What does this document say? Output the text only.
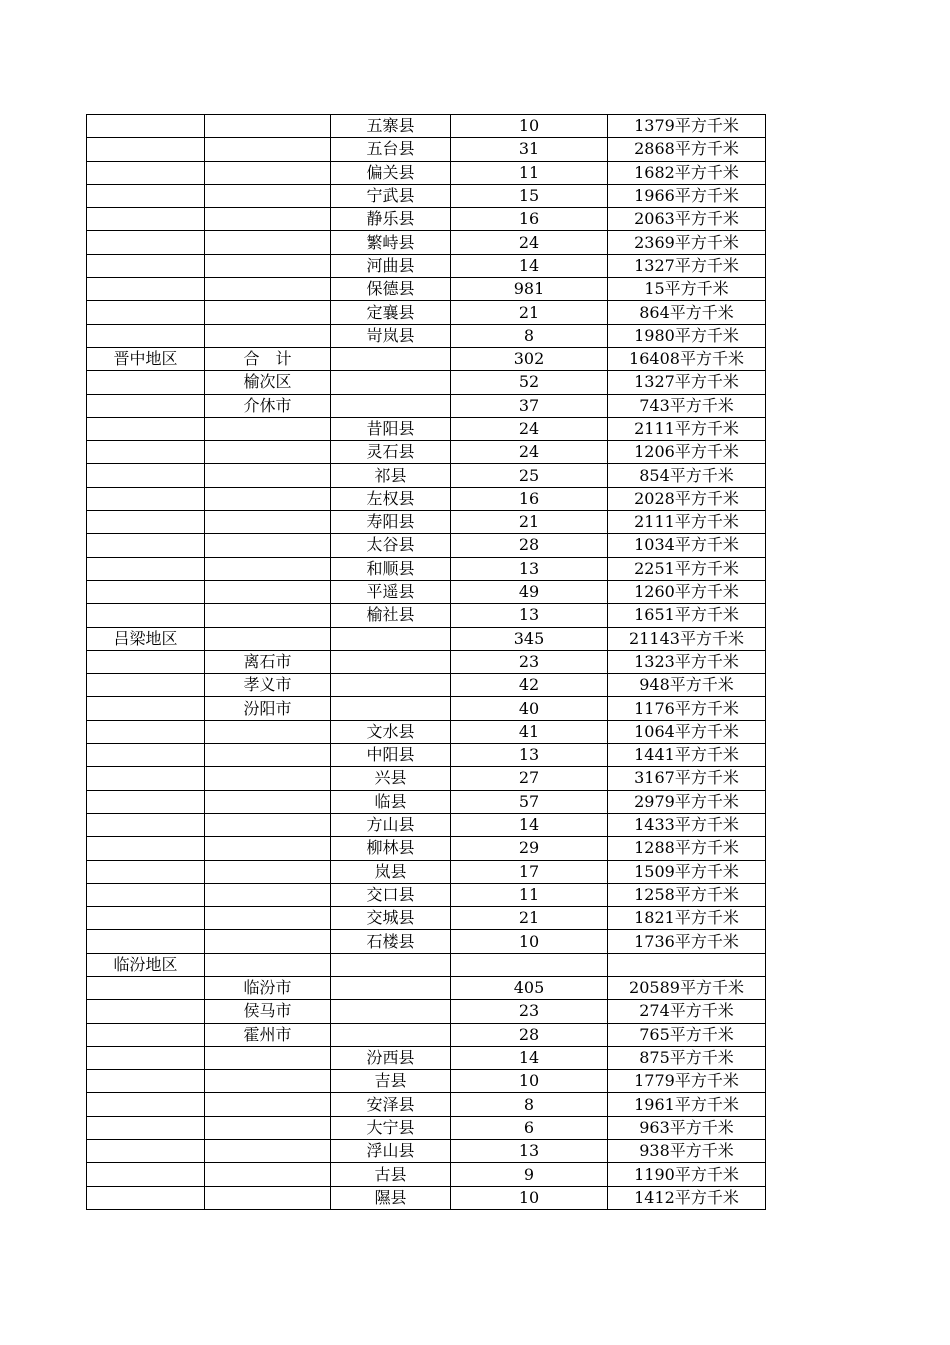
		五寨县	10	1379平方千米
		五台县	31	2868平方千米
		偏关县	11	1682平方千米
		宁武县	15	1966平方千米
		静乐县	16	2063平方千米
		繁峙县	24	2369平方千米
		河曲县	14	1327平方千米
		保德县	981	15平方千米
		定襄县	21	864平方千米
		岢岚县	8	1980平方千米
晋中地区	合　计		302	16408平方千米
	榆次区		52	1327平方千米
	介休市		37	743平方千米
		昔阳县	24	2111平方千米
		灵石县	24	1206平方千米
		祁县	25	854平方千米
		左权县	16	2028平方千米
		寿阳县	21	2111平方千米
		太谷县	28	1034平方千米
		和顺县	13	2251平方千米
		平遥县	49	1260平方千米
		榆社县	13	1651平方千米
吕梁地区			345	21143平方千米
	离石市		23	1323平方千米
	孝义市		42	948平方千米
	汾阳市		40	1176平方千米
		文水县	41	1064平方千米
		中阳县	13	1441平方千米
		兴县	27	3167平方千米
		临县	57	2979平方千米
		方山县	14	1433平方千米
		柳林县	29	1288平方千米
		岚县	17	1509平方千米
		交口县	11	1258平方千米
		交城县	21	1821平方千米
		石楼县	10	1736平方千米
临汾地区				
	临汾市		405	20589平方千米
	侯马市		23	274平方千米
	霍州市		28	765平方千米
		汾西县	14	875平方千米
		吉县	10	1779平方千米
		安泽县	8	1961平方千米
		大宁县	6	963平方千米
		浮山县	13	938平方千米
		古县	9	1190平方千米
		隰县	10	1412平方千米
